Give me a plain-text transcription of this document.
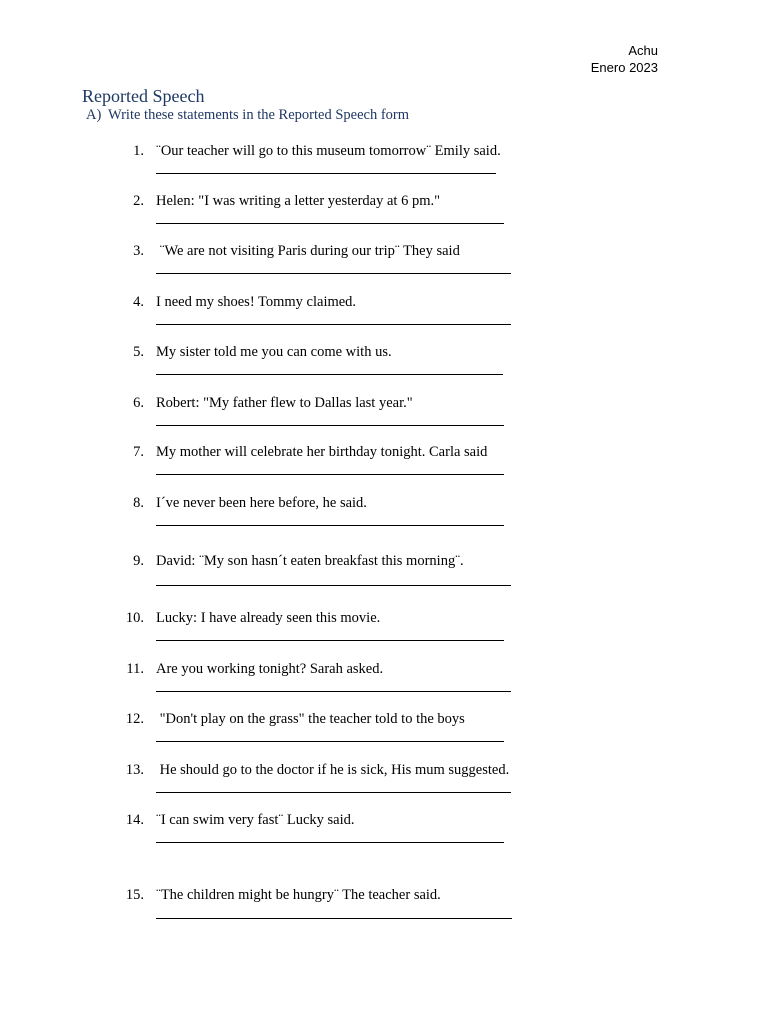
Achu
Enero 2023
Reported Speech
A) Write these statements in the Reported Speech form
1. ¨Our teacher will go to this museum tomorrow¨ Emily said.
2. Helen: "I was writing a letter yesterday at 6 pm."
3. ¨We are not visiting Paris during our trip¨ They said
4. I need my shoes! Tommy claimed.
5. My sister told me you can come with us.
6. Robert: "My father flew to Dallas last year."
7. My mother will celebrate her birthday tonight. Carla said
8. I´ve never been here before, he said.
9. David: ¨My son hasn´t eaten breakfast this morning¨.
10. Lucky: I have already seen this movie.
11. Are you working tonight? Sarah asked.
12. "Don't play on the grass" the teacher told to the boys
13. He should go to the doctor if he is sick, His mum suggested.
14. ¨I can swim very fast¨ Lucky said.
15. ¨The children might be hungry¨ The teacher said.
